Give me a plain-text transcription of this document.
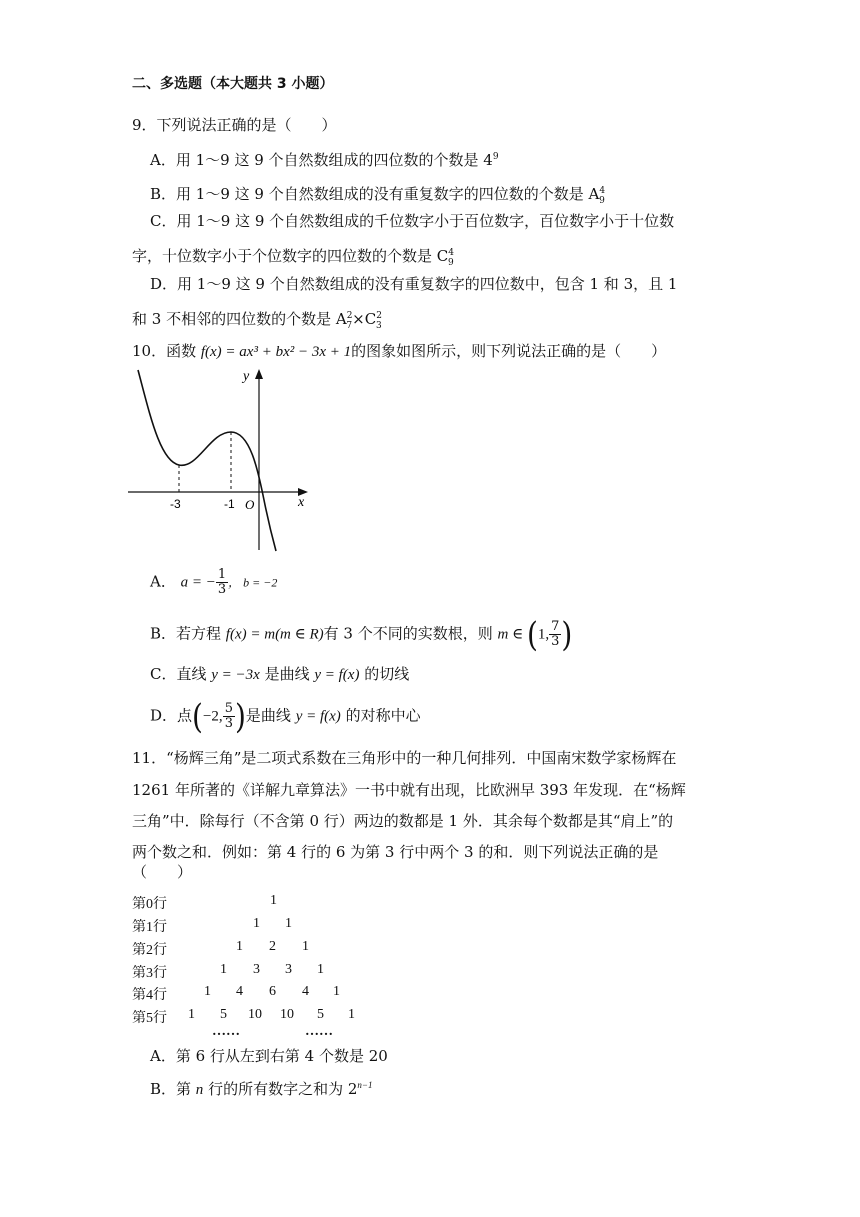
二、多选题（本大题共 3 小题）
9．下列说法正确的是（　　）
A．用 1～9 这 9 个自然数组成的四位数的个数是 $4^9$
B．用 1～9 这 9 个自然数组成的没有重复数字的四位数的个数是 $A^4_9$
C．用 1～9 这 9 个自然数组成的千位数字小于百位数字，百位数字小于十位数
字，十位数字小于个位数字的四位数的个数是 $C^4_9$
D．用 1～9 这 9 个自然数组成的没有重复数字的四位数中，包含 1 和 3，且 1
和 3 不相邻的四位数的个数是 $A^2_7\times C^2_3$
10．函数 f(x) = ax³ + bx² − 3x + 1的图象如图所示，则下列说法正确的是（　　）
y
x
O
-3	-1
A． a = − $\frac{1}{3}$ ， b = −2
B．若方程 f(x) = m(m ∈ R)有 3 个不同的实数根，则 m ∈ (1, $\frac{7}{3}$ )
C．直线 y = −3x 是曲线 y = f(x) 的切线
D．点(−2, $\frac{5}{3}$ )是曲线 y = f(x) 的对称中心
11．“杨辉三角”是二项式系数在三角形中的一种几何排列．中国南宋数学家杨辉在
1261 年所著的《详解九章算法》一书中就有出现，比欧洲早 393 年发现．在“杨辉
三角”中．除每行（不含第 0 行）两边的数都是 1 外．其余每个数都是其“肩上”的
两个数之和．例如：第 4 行的 6 为第 3 行中两个 3 的和．则下列说法正确的是
（　　）
第0行	1
第1行	1 1
第2行	1 2 1
第3行	1 3 3 1
第4行	1 4 6 4 1
第5行 1 5 10 10 5 1
……	……
A．第 6 行从左到右第 4 个数是 20
B．第 n 行的所有数字之和为 $2^{n-1}$
